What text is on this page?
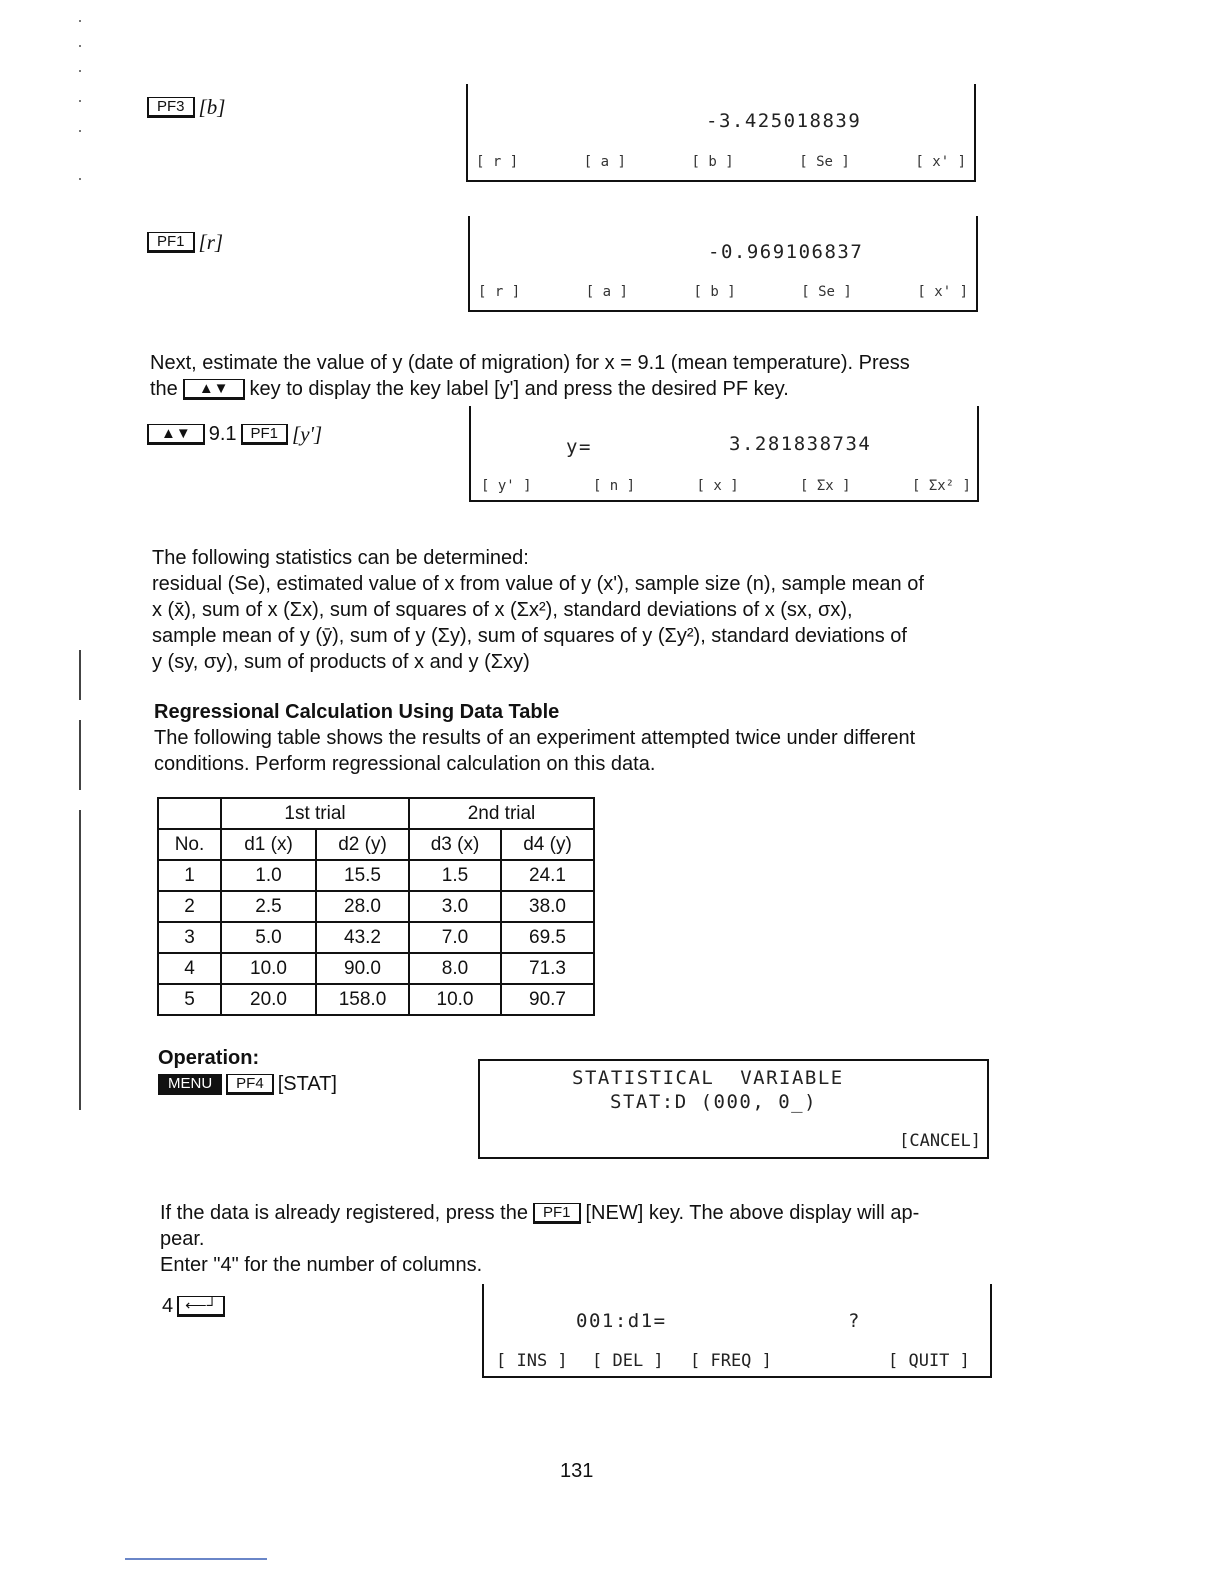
PF3 [b]
-3.425018839
[ r ]	[ a ]	[ b ]	[ Se ]	[ x' ]
PF1 [r]	-0.969106837
[ r ]	[ a ]	[ b ]	[ Se ]	[ x' ]
Next, estimate the value of y (date of migration) for x = 9.1 (mean temperature). Press
the	▲▼	key to display the key label [y'] and press the desired PF key.
▲▼ 9.1 PF1 [y']
y=	3.281838734
[ y' ]	[ n ]	[ x ]	[ Σx ]	[ Σx² ]
The following statistics can be determined:
residual (Se), estimated value of x from value of y (x'), sample size (n), sample mean of
x (x̄), sum of x (Σx), sum of squares of x (Σx²), standard deviations of x (sx, σx),
sample mean of y (ȳ), sum of y (Σy), sum of squares of y (Σy²), standard deviations of
y (sy, σy), sum of products of x and y (Σxy)
Regressional Calculation Using Data Table
The following table shows the results of an experiment attempted twice under different
conditions. Perform regressional calculation on this data.
	1st trial		2nd trial	
No.	d1 (x)	d2 (y)	d3 (x)	d4 (y)
1	1.0	15.5	1.5	24.1
2	2.5	28.0	3.0	38.0
3	5.0	43.2	7.0	69.5
4	10.0	90.0	8.0	71.3
5	20.0	158.0	10.0	90.7
Operation:
MENU	PF4 [STAT]	STATISTICAL  VARIABLE
STAT:D (000, 0_)
[CANCEL]
If the data is already registered, press the	PF1 [NEW] key. The above display will ap-
pear.
Enter "4" for the number of columns.
4 ⟵┘
001:d1=	?
[ INS ] [ DEL ] [ FREQ ]	[ QUIT ]
131
